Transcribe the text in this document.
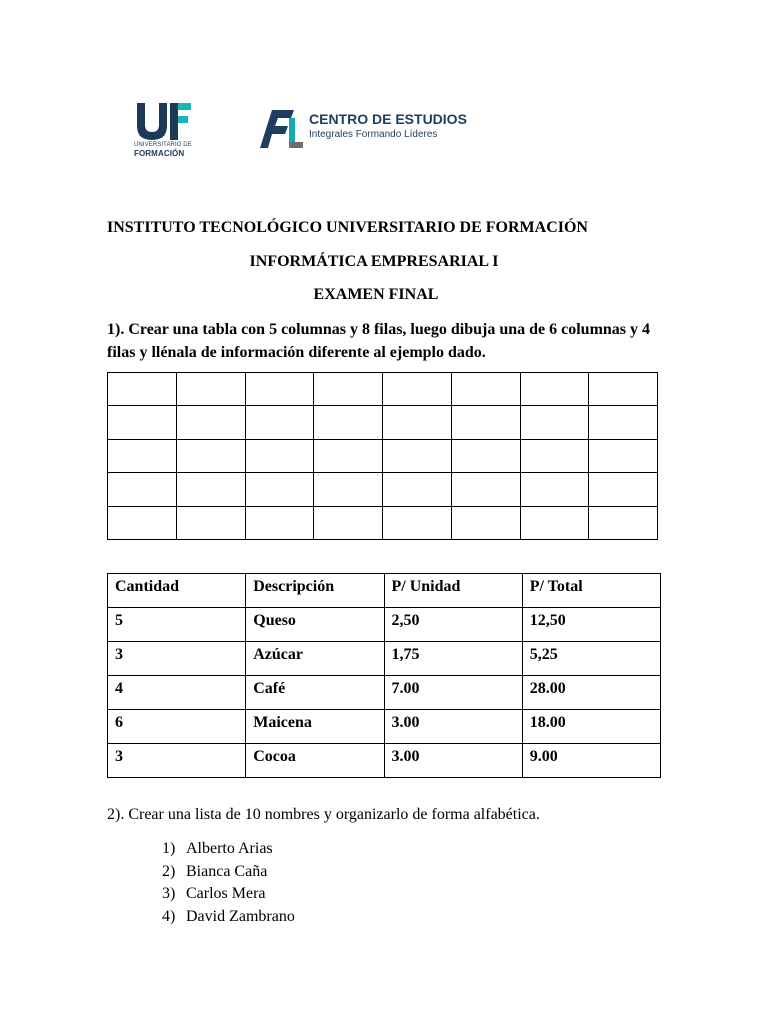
UNIVERSITARIO DE
FORMACIÓN
CENTRO DE ESTUDIOS
Integrales Formando Líderes
INSTITUTO TECNOLÓGICO UNIVERSITARIO DE FORMACIÓN
INFORMÁTICA EMPRESARIAL I
EXAMEN FINAL
1). Crear una tabla con 5 columnas y 8 filas, luego dibuja una de 6 columnas y 4 filas y llénala de información diferente al ejemplo dado.

Cantidad	Descripción	P/ Unidad	P/ Total
5	Queso	2,50	12,50
3	Azúcar	1,75	5,25
4	Café	7.00	28.00
6	Maicena	3.00	18.00
3	Cocoa	3.00	9.00
2). Crear una lista de 10 nombres y organizarlo de forma alfabética.
1) Alberto Arias
2) Bianca Caña
3) Carlos Mera
4) David Zambrano
